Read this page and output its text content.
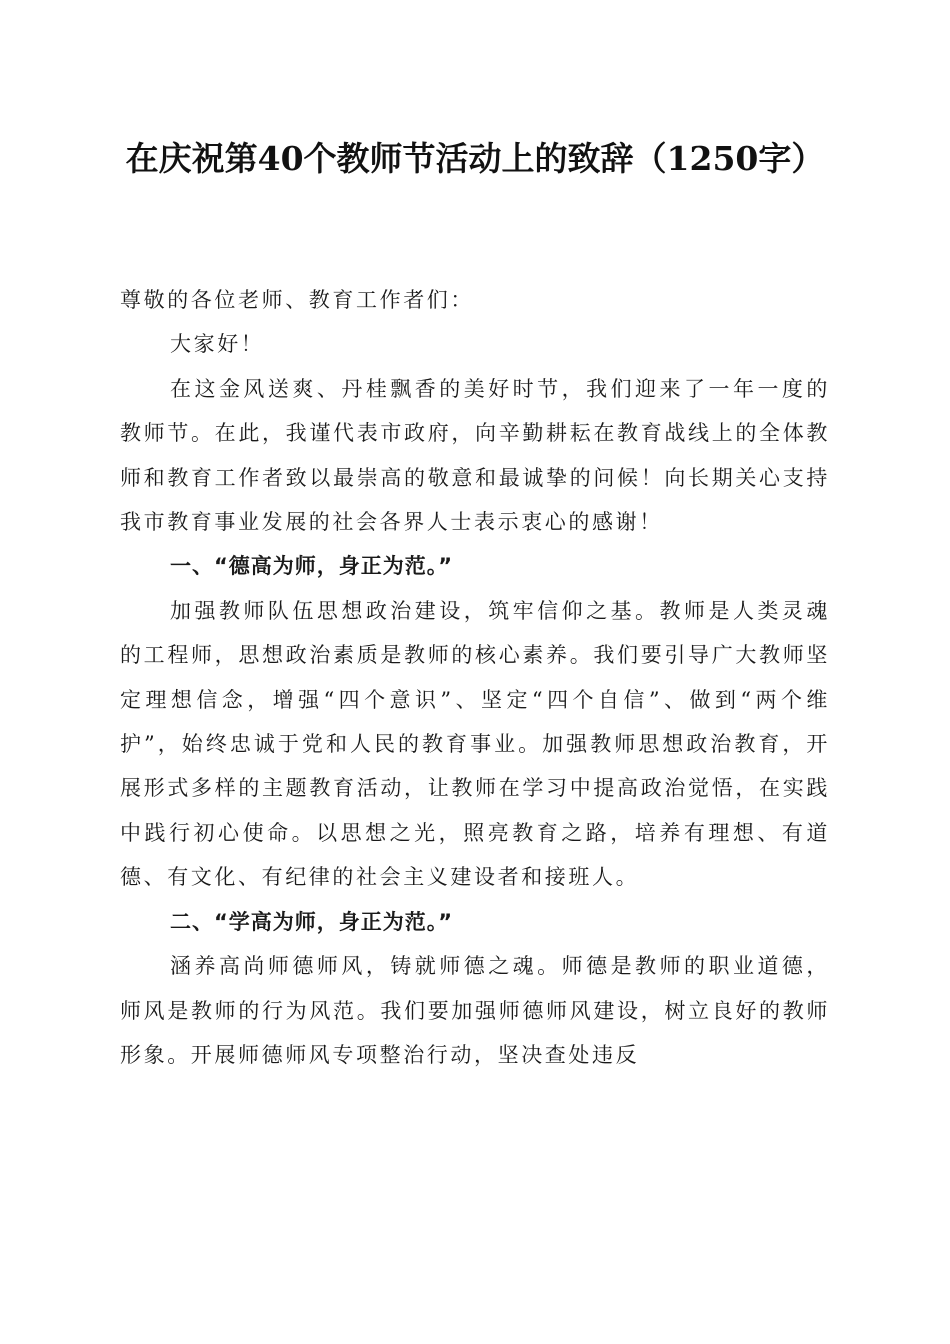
在庆祝第40个教师节活动上的致辞（1250字）

尊敬的各位老师、教育工作者们：

大家好！

在这金风送爽、丹桂飘香的美好时节，我们迎来了一年一度的教师节。在此，我谨代表市政府，向辛勤耕耘在教育战线上的全体教师和教育工作者致以最崇高的敬意和最诚挚的问候！向长期关心支持我市教育事业发展的社会各界人士表示衷心的感谢！

一、“德高为师，身正为范。”

加强教师队伍思想政治建设，筑牢信仰之基。教师是人类灵魂的工程师，思想政治素质是教师的核心素养。我们要引导广大教师坚定理想信念，增强“四个意识”、坚定“四个自信”、做到“两个维护”，始终忠诚于党和人民的教育事业。加强教师思想政治教育，开展形式多样的主题教育活动，让教师在学习中提高政治觉悟，在实践中践行初心使命。以思想之光，照亮教育之路，培养有理想、有道德、有文化、有纪律的社会主义建设者和接班人。

二、“学高为师，身正为范。”

涵养高尚师德师风，铸就师德之魂。师德是教师的职业道德，师风是教师的行为风范。我们要加强师德师风建设，树立良好的教师形象。开展师德师风专项整治行动，坚决查处违反
